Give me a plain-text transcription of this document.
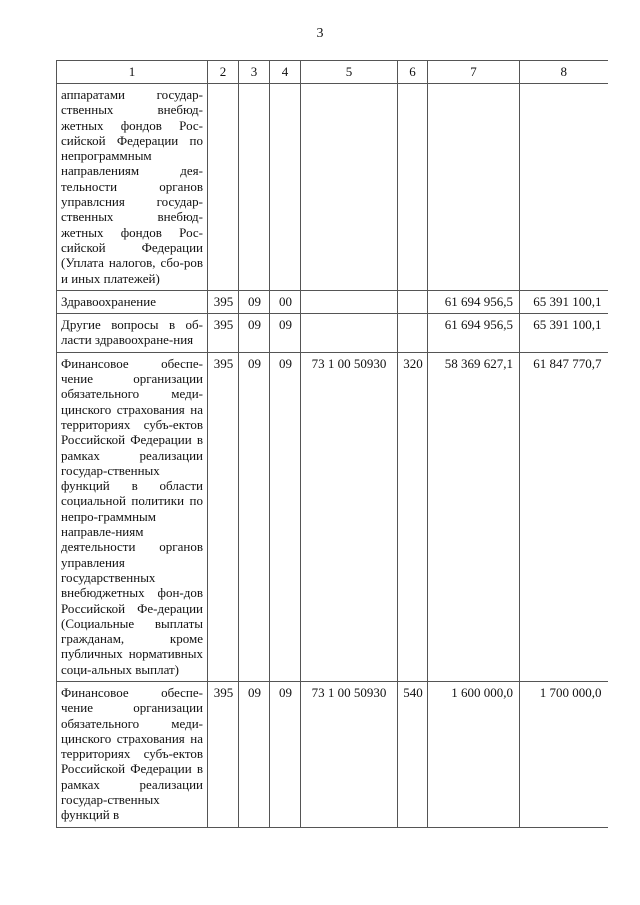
3
1	2	3	4	5	6	7	8
аппаратами государ-ственных внебюд-жетных фондов Рос-сийской Федерации по непрограммным направлениям дея-тельности органов управлсния государ-ственных внебюд-жетных фондов Рос-сийской Федерации (Уплата налогов, сбо-ров и иных платежей)							
Здравоохранение	395	09	00			61 694 956,5	65 391 100,1
Другие вопросы в об-ласти здравоохране-ния	395	09	09			61 694 956,5	65 391 100,1
Финансовое обеспе-чение организации обязательного меди-цинского страхования на территориях субъ-ектов Российской Федерации в рамках реализации государ-ственных функций в области социальной политики по непро-граммным направле-ниям деятельности органов управления государственных внебюджетных фон-дов Российской Фе-дерации (Социальные выплаты гражданам, кроме публичных нормативных соци-альных выплат)	395	09	09	73 1 00 50930	320	58 369 627,1	61 847 770,7
Финансовое обеспе-чение организации обязательного меди-цинского страхования на территориях субъ-ектов Российской Федерации в рамках реализации государ-ственных функций в	395	09	09	73 1 00 50930	540	1 600 000,0	1 700 000,0
